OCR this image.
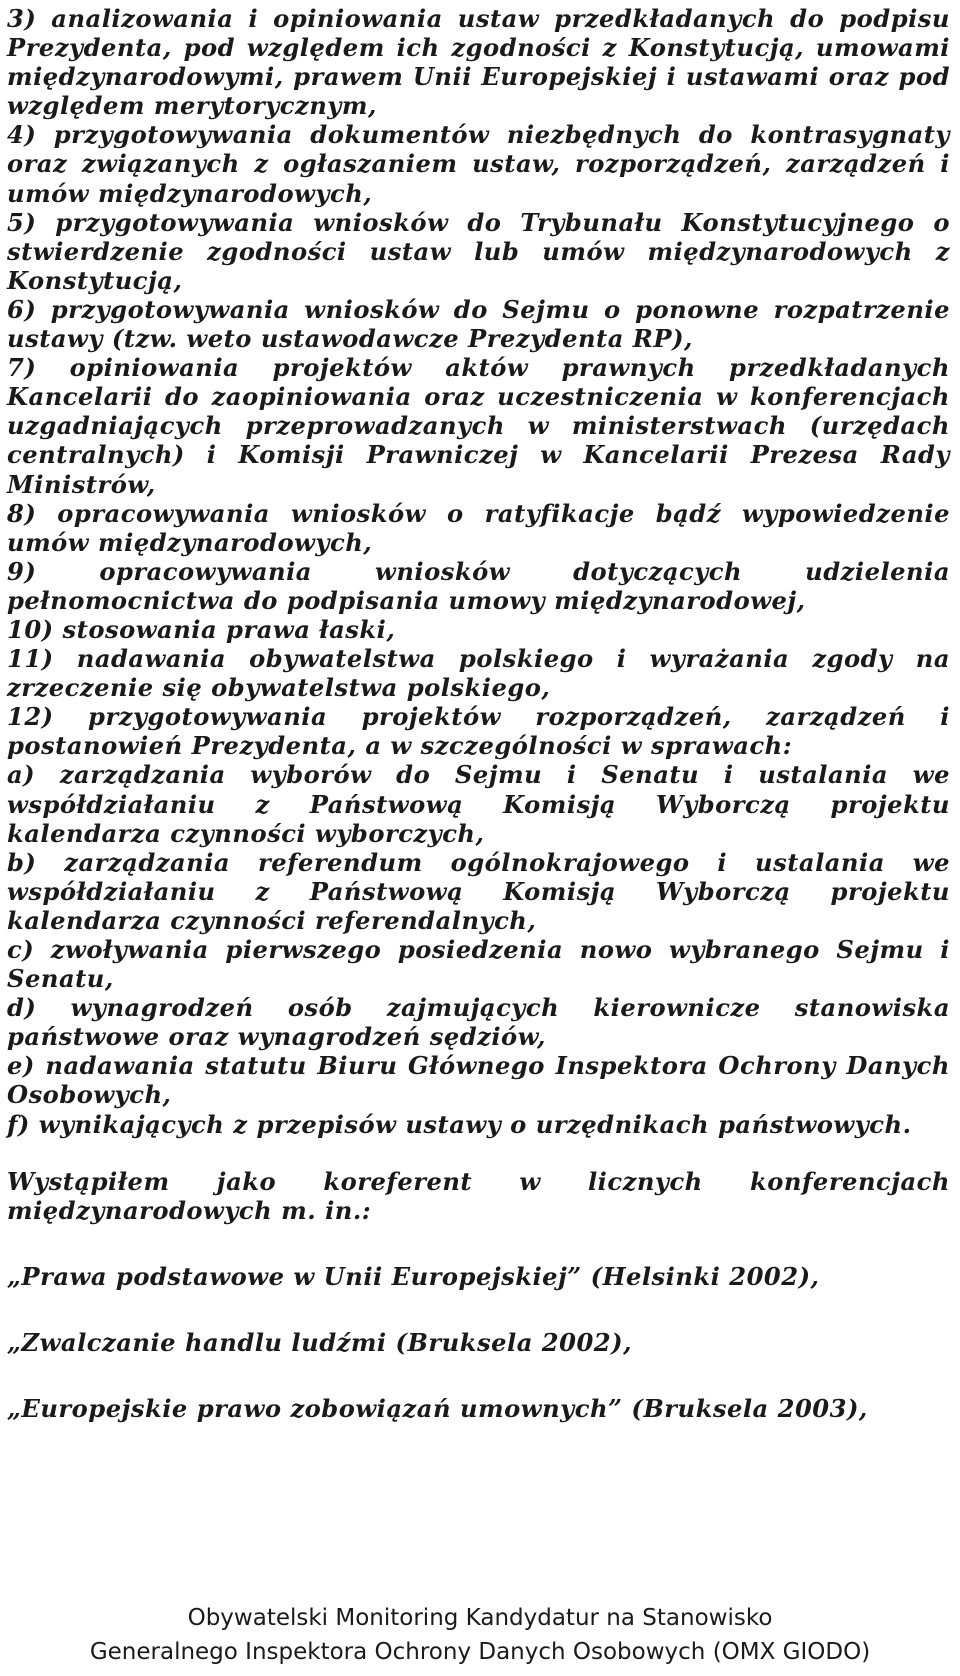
3) analizowania i opiniowania ustaw przedkładanych do podpisu Prezydenta, pod względem ich zgodności z Konstytucją, umowami międzynarodowymi, prawem Unii Europejskiej i ustawami oraz pod względem merytorycznym,

4) przygotowywania dokumentów niezbędnych do kontrasygnaty oraz związanych z ogłaszaniem ustaw, rozporządzeń, zarządzeń i umów międzynarodowych,

5) przygotowywania wniosków do Trybunału Konstytucyjnego o stwierdzenie zgodności ustaw lub umów międzynarodowych z Konstytucją,

6) przygotowywania wniosków do Sejmu o ponowne rozpatrzenie ustawy (tzw. weto ustawodawcze Prezydenta RP),

7) opiniowania projektów aktów prawnych przedkładanych Kancelarii do zaopiniowania oraz uczestniczenia w konferencjach uzgadniających przeprowadzanych w ministerstwach (urzędach centralnych) i Komisji Prawniczej w Kancelarii Prezesa Rady Ministrów,

8) opracowywania wniosków o ratyfikacje bądź wypowiedzenie umów międzynarodowych,

9) opracowywania wniosków dotyczących udzielenia pełnomocnictwa do podpisania umowy międzynarodowej,

10) stosowania prawa łaski,

11) nadawania obywatelstwa polskiego i wyrażania zgody na zrzeczenie się obywatelstwa polskiego,

12) przygotowywania projektów rozporządzeń, zarządzeń i postanowień Prezydenta, a w szczególności w sprawach:

a) zarządzania wyborów do Sejmu i Senatu i ustalania we współdziałaniu z Państwową Komisją Wyborczą projektu kalendarza czynności wyborczych,

b) zarządzania referendum ogólnokrajowego i ustalania we współdziałaniu z Państwową Komisją Wyborczą projektu kalendarza czynności referendalnych,

c) zwoływania pierwszego posiedzenia nowo wybranego Sejmu i Senatu,

d) wynagrodzeń osób zajmujących kierownicze stanowiska państwowe oraz wynagrodzeń sędziów,

e) nadawania statutu Biuru Głównego Inspektora Ochrony Danych Osobowych,

f) wynikających z przepisów ustawy o urzędnikach państwowych.

Wystąpiłem jako koreferent w licznych konferencjach międzynarodowych m. in.:

„Prawa podstawowe w Unii Europejskiej” (Helsinki 2002),

„Zwalczanie handlu ludźmi (Bruksela 2002),

„Europejskie prawo zobowiązań umownych” (Bruksela 2003),

Obywatelski Monitoring Kandydatur na Stanowisko
Generalnego Inspektora Ochrony Danych Osobowych (OMX GIODO)
